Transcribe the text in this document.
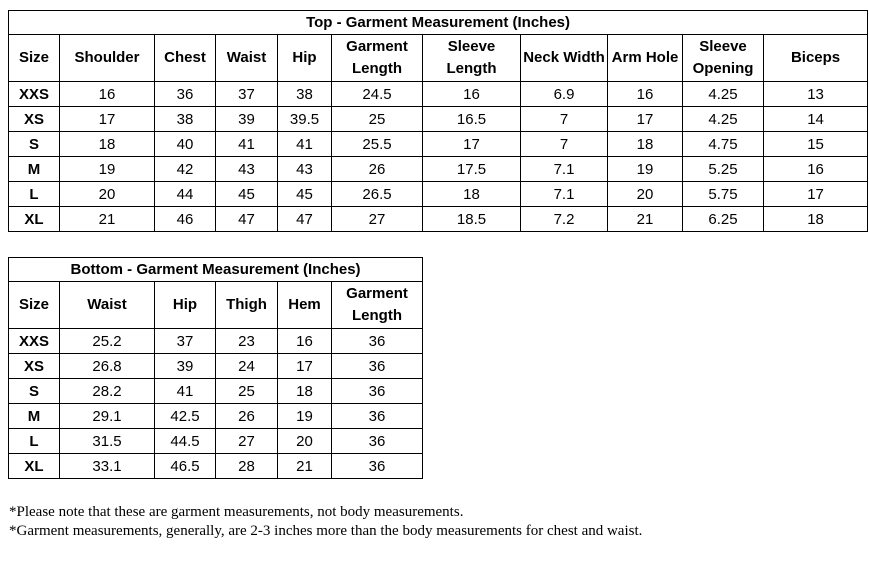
Top - Garment Measurement (Inches)										
Size	Shoulder	Chest	Waist	Hip	Garment Length	Sleeve Length	Neck Width	Arm Hole	Sleeve Opening	Biceps
XXS	16	36	37	38	24.5	16	6.9	16	4.25	13
XS	17	38	39	39.5	25	16.5	7	17	4.25	14
S	18	40	41	41	25.5	17	7	18	4.75	15
M	19	42	43	43	26	17.5	7.1	19	5.25	16
L	20	44	45	45	26.5	18	7.1	20	5.75	17
XL	21	46	47	47	27	18.5	7.2	21	6.25	18
Bottom - Garment Measurement (Inches)					
Size	Waist	Hip	Thigh	Hem	Garment Length
XXS	25.2	37	23	16	36
XS	26.8	39	24	17	36
S	28.2	41	25	18	36
M	29.1	42.5	26	19	36
L	31.5	44.5	27	20	36
XL	33.1	46.5	28	21	36
*Please note that these are garment measurements, not body measurements.
*Garment measurements, generally, are 2-3 inches more than the body measurements for chest and waist.
